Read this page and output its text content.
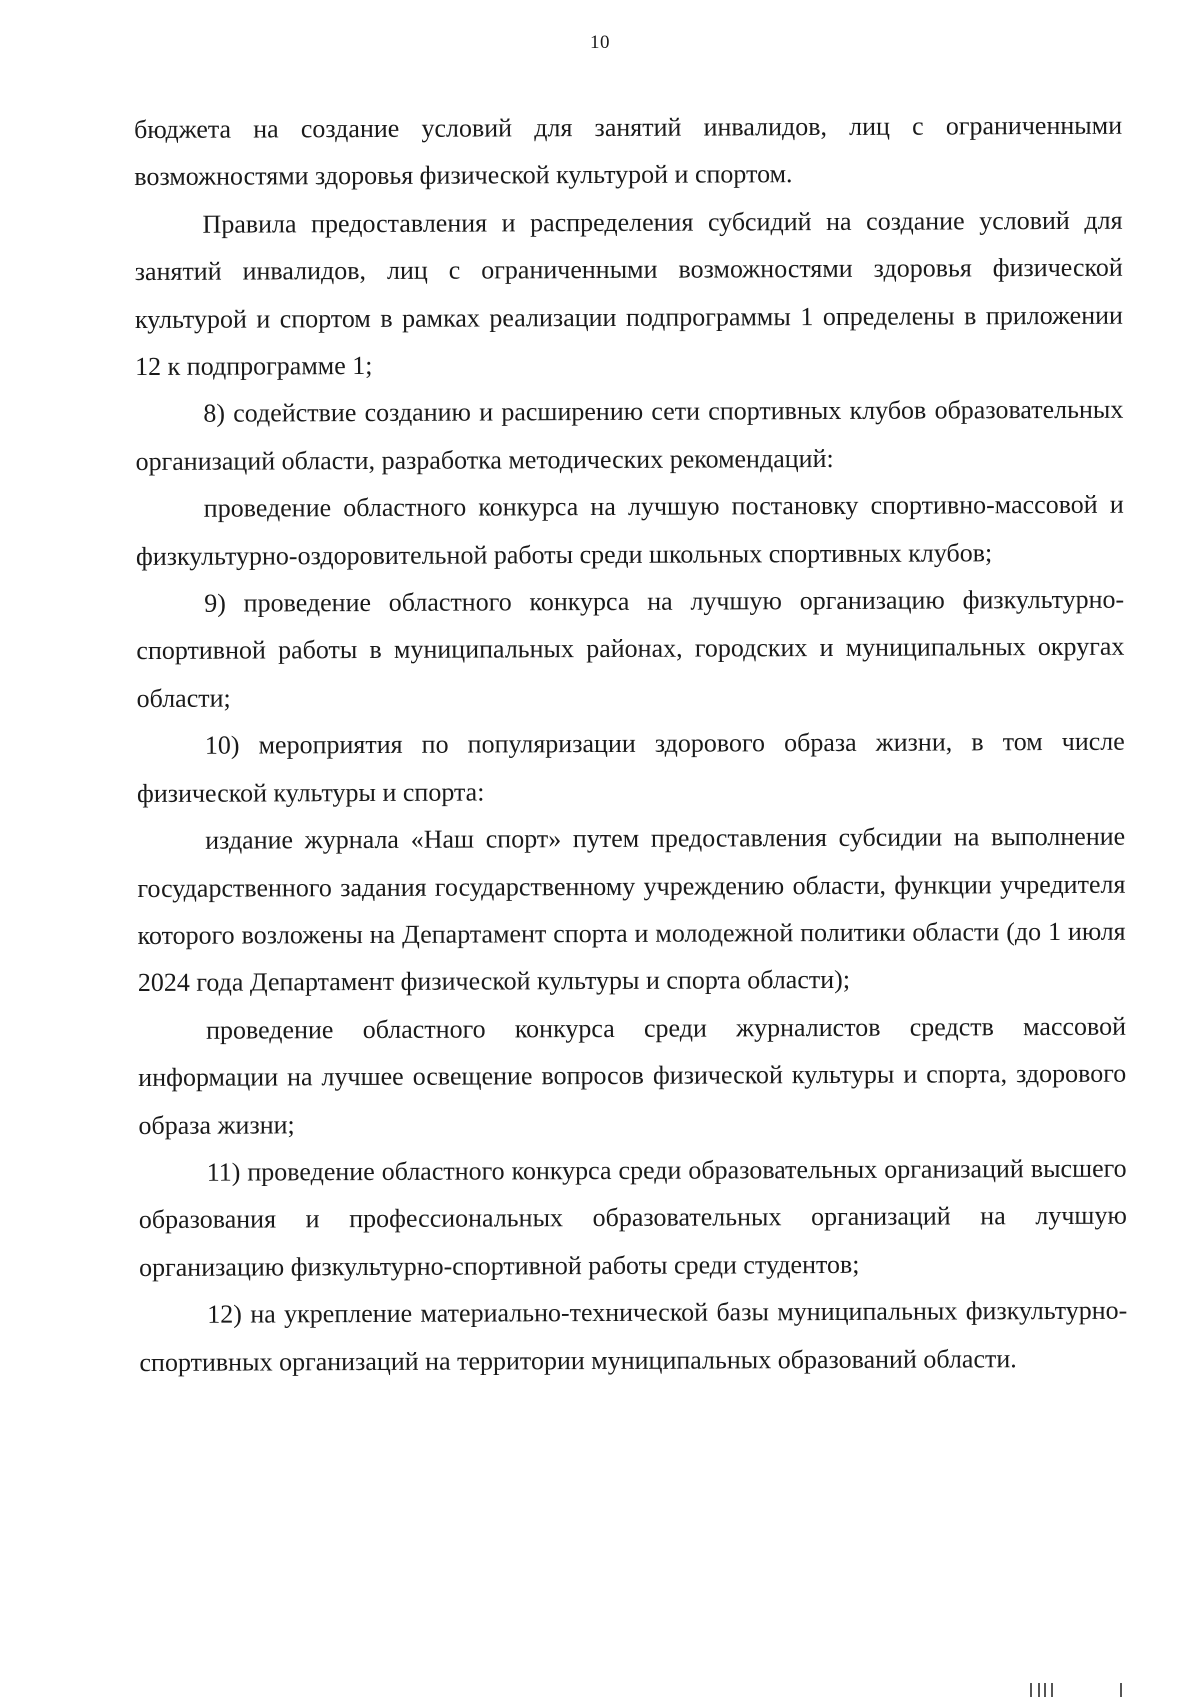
10

бюджета на создание условий для занятий инвалидов, лиц с ограниченными возможностями здоровья физической культурой и спортом.

Правила предоставления и распределения субсидий на создание условий для занятий инвалидов, лиц с ограниченными возможностями здоровья физической культурой и спортом в рамках реализации подпрограммы 1 определены в приложении 12 к подпрограмме 1;

8) содействие созданию и расширению сети спортивных клубов образовательных организаций области, разработка методических рекомендаций:

проведение областного конкурса на лучшую постановку спортивно-массовой и физкультурно-оздоровительной работы среди школьных спортивных клубов;

9) проведение областного конкурса на лучшую организацию физкультурно-спортивной работы в муниципальных районах, городских и муниципальных округах области;

10) мероприятия по популяризации здорового образа жизни, в том числе физической культуры и спорта:

издание журнала «Наш спорт» путем предоставления субсидии на выполнение государственного задания государственному учреждению области, функции учредителя которого возложены на Департамент спорта и молодежной политики области (до 1 июля 2024 года Департамент физической культуры и спорта области);

проведение областного конкурса среди журналистов средств массовой информации на лучшее освещение вопросов физической культуры и спорта, здорового образа жизни;

11) проведение областного конкурса среди образовательных организаций высшего образования и профессиональных образовательных организаций на лучшую организацию физкультурно-спортивной работы среди студентов;

12) на укрепление материально-технической базы муниципальных физкультурно-спортивных организаций на территории муниципальных образований области.
